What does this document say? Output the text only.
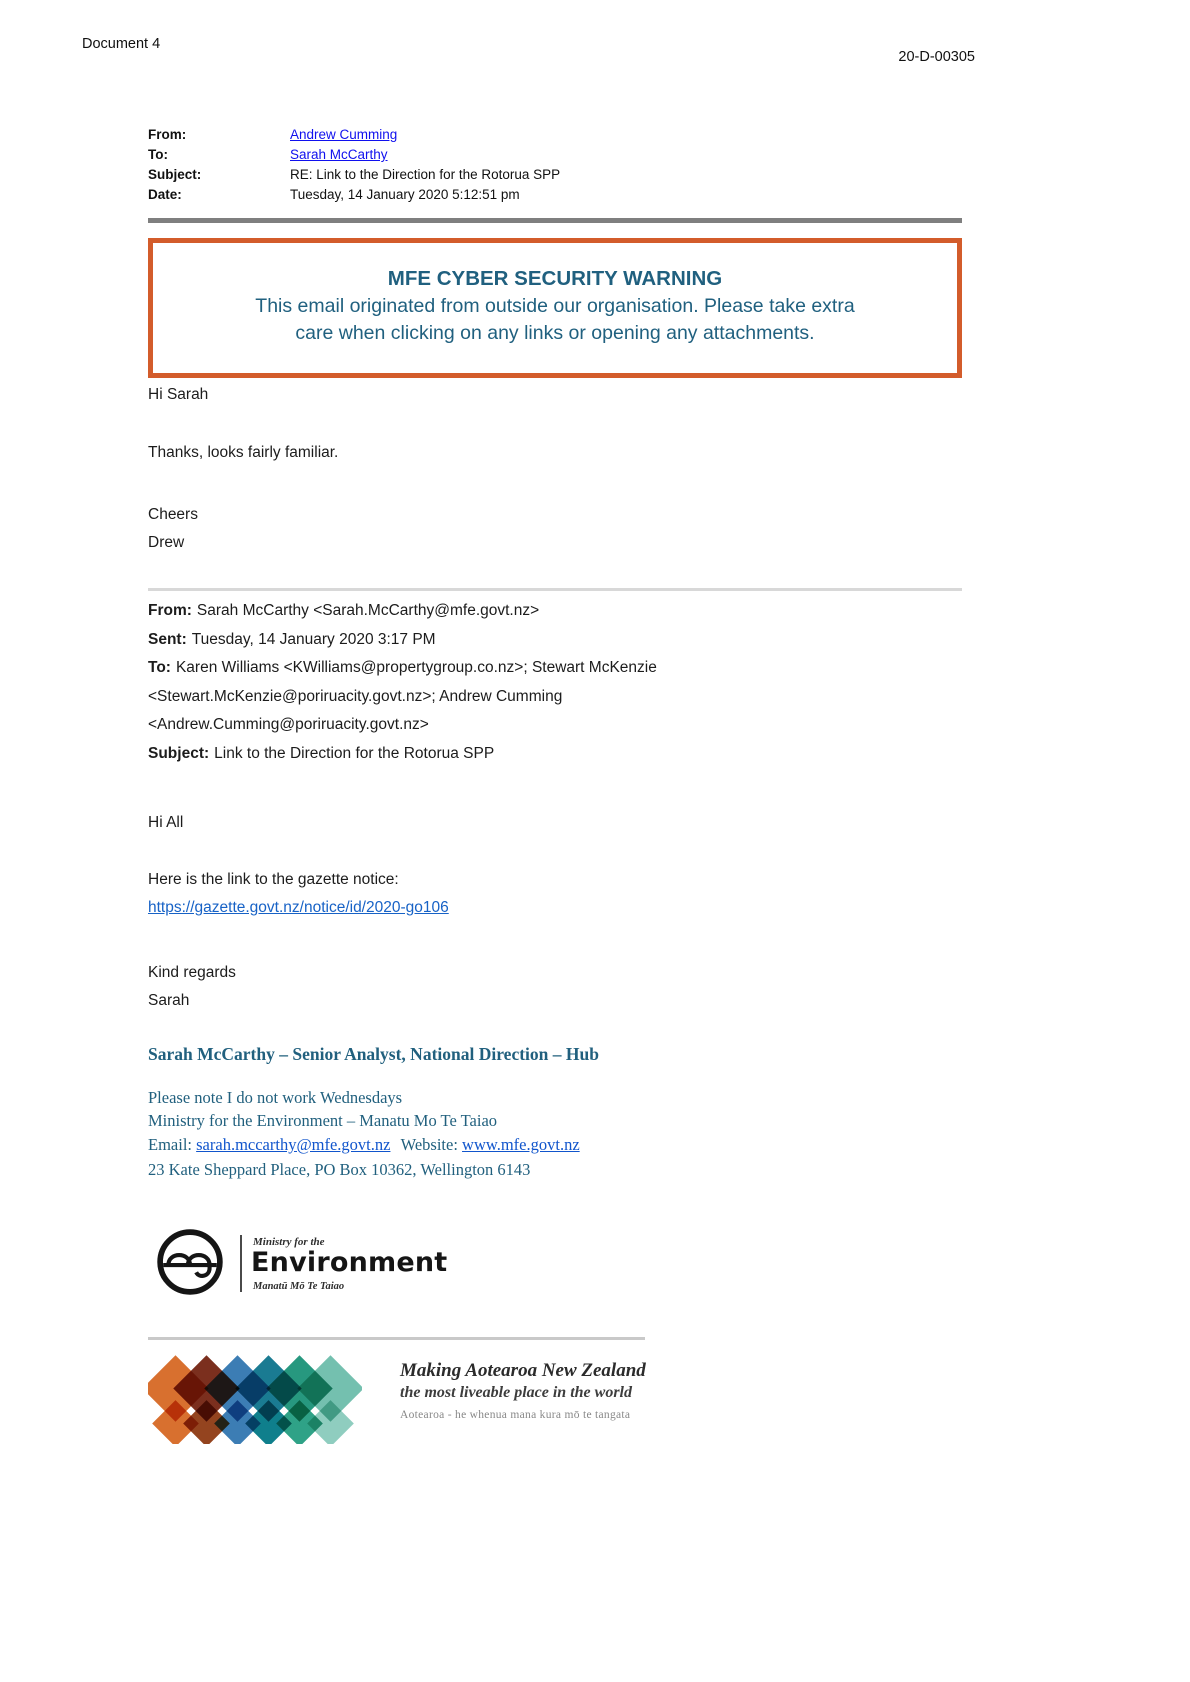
Document 4
20-D-00305
From:	Andrew Cumming
To:	Sarah McCarthy
Subject:	RE: Link to the Direction for the Rotorua SPP
Date:	Tuesday, 14 January 2020 5:12:51 pm
MFE CYBER SECURITY WARNING
This email originated from outside our organisation. Please take extra
care when clicking on any links or opening any attachments.
Hi Sarah
Thanks, looks fairly familiar.
Cheers
Drew
From: Sarah McCarthy <Sarah.McCarthy@mfe.govt.nz>
Sent: Tuesday, 14 January 2020 3:17 PM
To: Karen Williams <KWilliams@propertygroup.co.nz>; Stewart McKenzie
<Stewart.McKenzie@poriruacity.govt.nz>; Andrew Cumming
<Andrew.Cumming@poriruacity.govt.nz>
Subject: Link to the Direction for the Rotorua SPP
Hi All
Here is the link to the gazette notice:
https://gazette.govt.nz/notice/id/2020-go106
Kind regards
Sarah
Sarah McCarthy – Senior Analyst, National Direction – Hub
Please note I do not work Wednesdays
Ministry for the Environment – Manatu Mo Te Taiao
Email: sarah.mccarthy@mfe.govt.nz Website: www.mfe.govt.nz
23 Kate Sheppard Place, PO Box 10362, Wellington 6143
Ministry for the
Environment
Manatū Mō Te Taiao
Making Aotearoa New Zealand
the most liveable place in the world
Aotearoa - he whenua mana kura mō te tangata
